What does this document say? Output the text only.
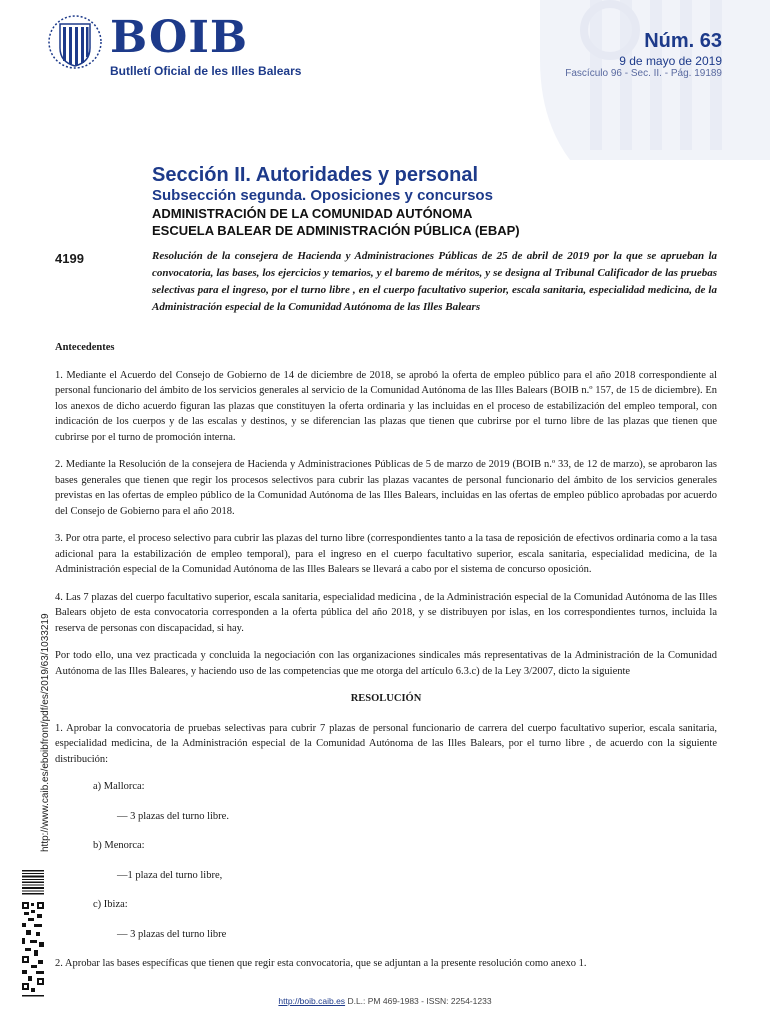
BOIB
Butlletí Oficial de les Illes Balears
Núm. 63
9 de mayo de 2019
Fascículo 96 - Sec. II. - Pág. 19189
Sección II. Autoridades y personal
Subsección segunda. Oposiciones y concursos
ADMINISTRACIÓN DE LA COMUNIDAD AUTÓNOMA
ESCUELA BALEAR DE ADMINISTRACIÓN PÚBLICA (EBAP)
4199	Resolución de la consejera de Hacienda y Administraciones Públicas de 25 de abril de 2019 por la que se aprueban la convocatoria, las bases, los ejercicios y temarios, y el baremo de méritos, y se designa al Tribunal Calificador de las pruebas selectivas para el ingreso, por el turno libre , en el cuerpo facultativo superior, escala sanitaria, especialidad medicina, de la Administración especial de la Comunidad Autónoma de las Illes Balears

Antecedentes

1. Mediante el Acuerdo del Consejo de Gobierno de 14 de diciembre de 2018, se aprobó la oferta de empleo público para el año 2018 correspondiente al personal funcionario del ámbito de los servicios generales al servicio de la Comunidad Autónoma de las Illes Balears (BOIB n.º 157, de 15 de diciembre). En los anexos de dicho acuerdo figuran las plazas que constituyen la oferta ordinaria y las incluidas en el proceso de estabilización del empleo temporal, con indicación de los cuerpos y de las escalas y destinos, y se diferencian las plazas que tienen que cubrirse por el turno libre de las plazas que tienen que cubrirse por el turno de promoción interna.

2. Mediante la Resolución de la consejera de Hacienda y Administraciones Públicas de 5 de marzo de 2019 (BOIB n.º 33, de 12 de marzo), se aprobaron las bases generales que tienen que regir los procesos selectivos para cubrir las plazas vacantes de personal funcionario del ámbito de los servicios generales previstas en las ofertas de empleo público de la Comunidad Autónoma de las Illes Balears, incluidas en las ofertas de empleo público aprobadas por acuerdo del Consejo de Gobierno para el año 2018.

3. Por otra parte, el proceso selectivo para cubrir las plazas del turno libre (correspondientes tanto a la tasa de reposición de efectivos ordinaria como a la tasa adicional para la estabilización de empleo temporal), para el ingreso en el cuerpo facultativo superior, escala sanitaria, especialidad medicina, de la Administración especial de la Comunidad Autónoma de las Illes Balears se llevará a cabo por el sistema de concurso oposición.

4. Las 7 plazas del cuerpo facultativo superior, escala sanitaria, especialidad medicina , de la Administración especial de la Comunidad Autónoma de las Illes Balears objeto de esta convocatoria corresponden a la oferta pública del año 2018, y se distribuyen por islas, en los correspondientes turnos, incluida la reserva de personas con discapacidad, si hay.

Por todo ello, una vez practicada y concluida la negociación con las organizaciones sindicales más representativas de la Administración de la Comunidad Autónoma de las Illes Baleares, y haciendo uso de las competencias que me otorga del artículo 6.3.c) de la Ley 3/2007, dicto la siguiente

RESOLUCIÓN

1. Aprobar la convocatoria de pruebas selectivas para cubrir 7 plazas de personal funcionario de carrera del cuerpo facultativo superior, escala sanitaria, especialidad medicina, de la Administración especial de la Comunidad Autónoma de las Illes Balears, por el turno libre , de acuerdo con la siguiente distribución:

a) Mallorca:

— 3 plazas del turno libre.

b) Menorca:

—1 plaza del turno libre,

c) Ibiza:

— 3 plazas del turno libre

2. Aprobar las bases específicas que tienen que regir esta convocatoria, que se adjuntan a la presente resolución como anexo 1.

http://www.caib.es/eboibfront/pdf/es/2019/63/1033219
http://boib.caib.es D.L.: PM 469-1983 - ISSN: 2254-1233
